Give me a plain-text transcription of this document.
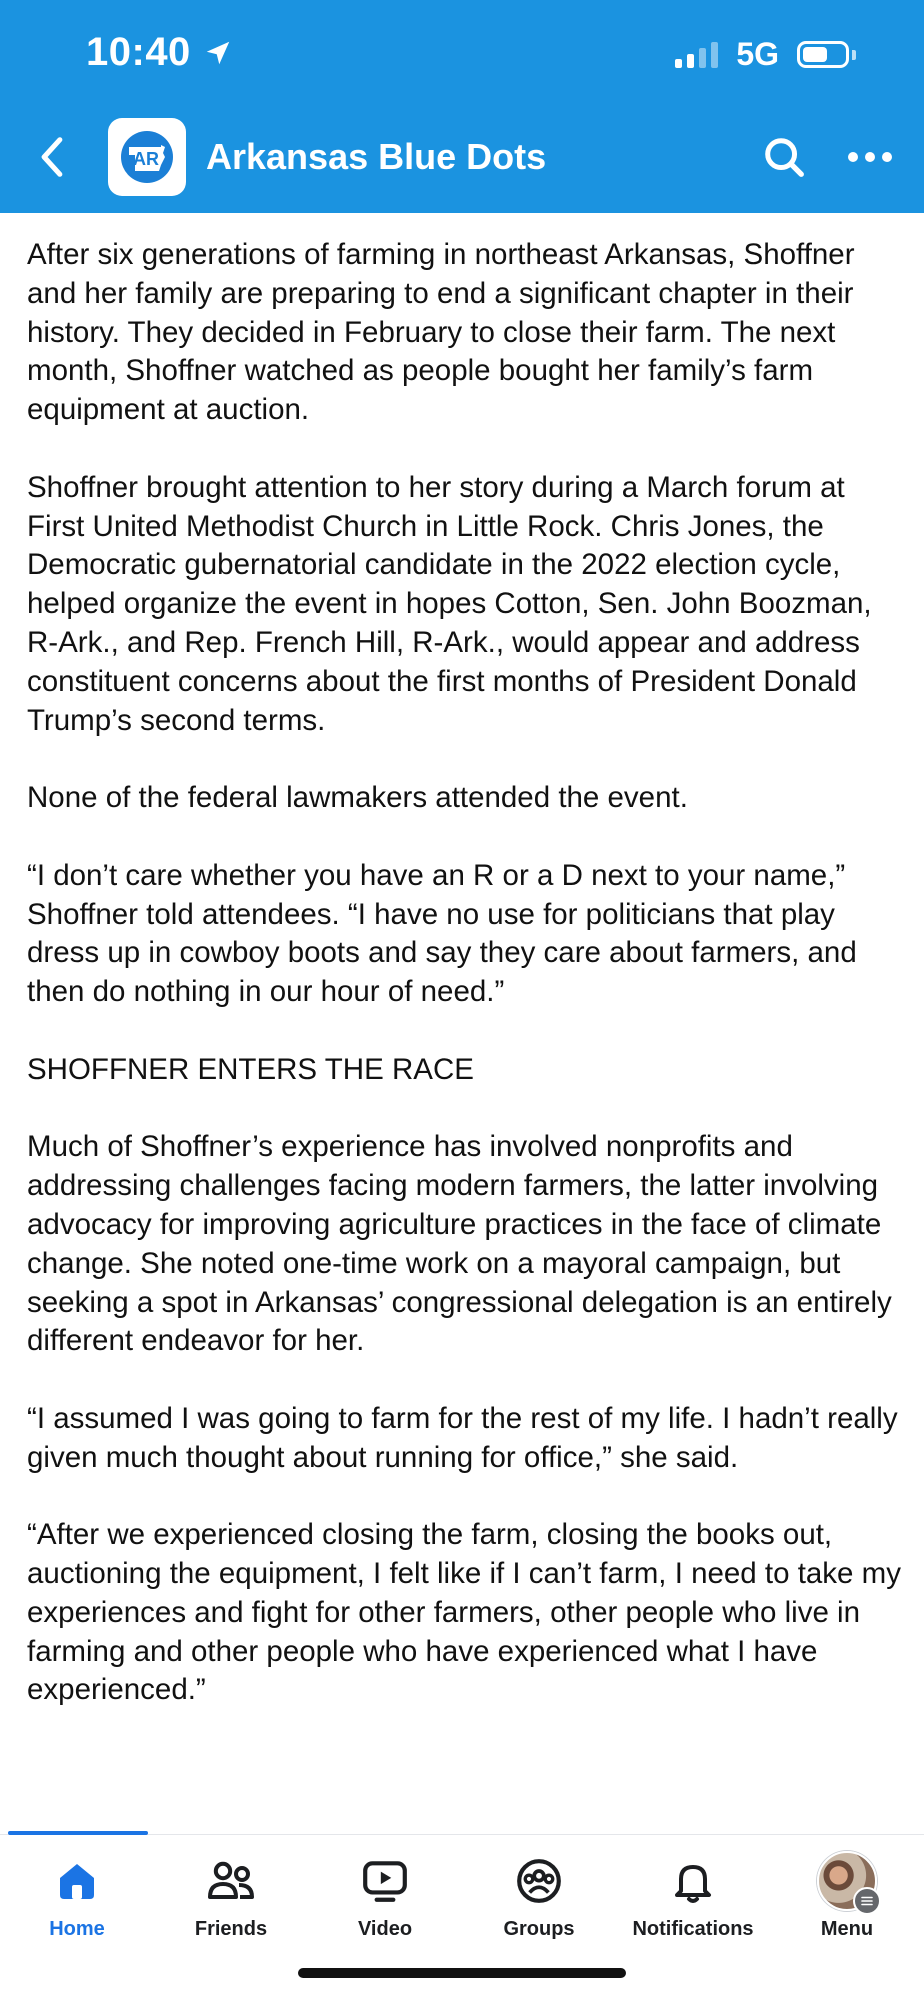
10:40	5G
AR Arkansas Blue Dots

After six generations of farming in northeast Arkansas, Shoffner and her family are preparing to end a significant chapter in their history. They decided in February to close their farm. The next month, Shoffner watched as people bought her family’s farm equipment at auction.

Shoffner brought attention to her story during a March forum at First United Methodist Church in Little Rock. Chris Jones, the Democratic gubernatorial candidate in the 2022 election cycle, helped organize the event in hopes Cotton, Sen. John Boozman, R-Ark., and Rep. French Hill, R-Ark., would appear and address constituent concerns about the first months of President Donald Trump’s second terms.

None of the federal lawmakers attended the event.

“I don’t care whether you have an R or a D next to your name,” Shoffner told attendees. “I have no use for politicians that play dress up in cowboy boots and say they care about farmers, and then do nothing in our hour of need.”

SHOFFNER ENTERS THE RACE

Much of Shoffner’s experience has involved nonprofits and addressing challenges facing modern farmers, the latter involving advocacy for improving agriculture practices in the face of climate change. She noted one-time work on a mayoral campaign, but seeking a spot in Arkansas’ congressional delegation is an entirely different endeavor for her.

“I assumed I was going to farm for the rest of my life. I hadn’t really given much thought about running for office,” she said.

“After we experienced closing the farm, closing the books out, auctioning the equipment, I felt like if I can’t farm, I need to take my experiences and fight for other farmers, other people who live in farming and other people who have experienced what I have experienced.”

Home	Friends	Video	Groups	Notifications	Menu
